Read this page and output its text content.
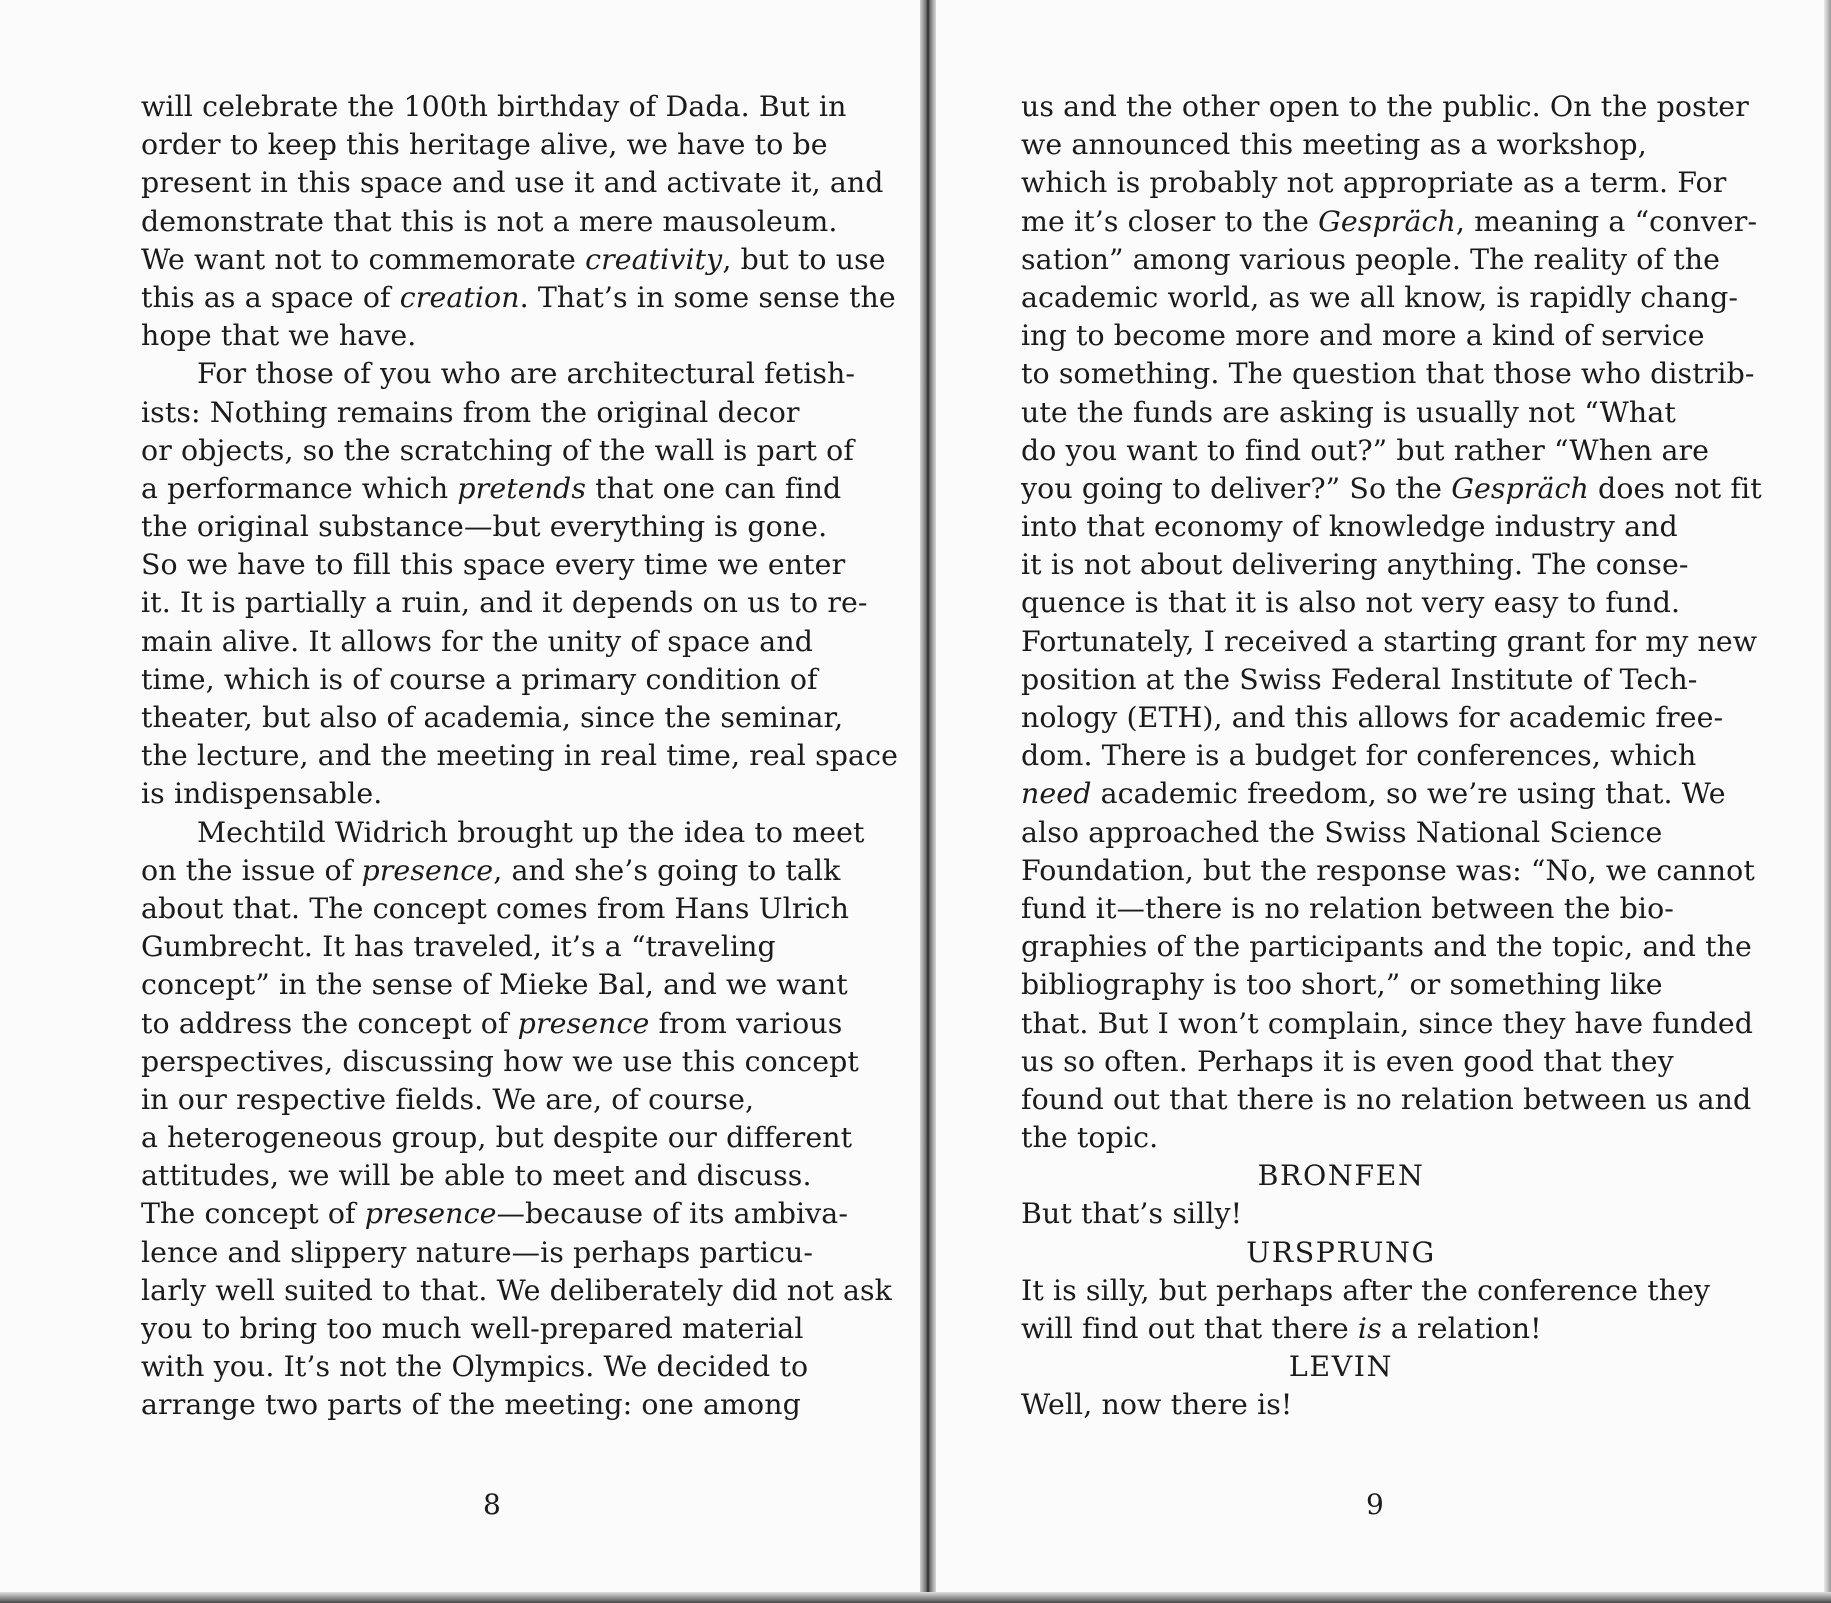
will celebrate the 100th birthday of Dada. But in
order to keep this heritage alive, we have to be
present in this space and use it and activate it, and
demonstrate that this is not a mere mausoleum.
We want not to commemorate creativity, but to use
this as a space of creation. That’s in some sense the
hope that we have.
For those of you who are architectural fetish-
ists: Nothing remains from the original decor
or objects, so the scratching of the wall is part of
a performance which pretends that one can find
the original substance—but everything is gone.
So we have to fill this space every time we enter
it. It is partially a ruin, and it depends on us to re-
main alive. It allows for the unity of space and
time, which is of course a primary condition of
theater, but also of academia, since the seminar,
the lecture, and the meeting in real time, real space
is indispensable.
Mechtild Widrich brought up the idea to meet
on the issue of presence, and she’s going to talk
about that. The concept comes from Hans Ulrich
Gumbrecht. It has traveled, it’s a “traveling
concept” in the sense of Mieke Bal, and we want
to address the concept of presence from various
perspectives, discussing how we use this concept
in our respective fields. We are, of course,
a heterogeneous group, but despite our different
attitudes, we will be able to meet and discuss.
The concept of presence—because of its ambiva-
lence and slippery nature—is perhaps particu-
larly well suited to that. We deliberately did not ask
you to bring too much well-prepared material
with you. It’s not the Olympics. We decided to
arrange two parts of the meeting: one among
8
us and the other open to the public. On the poster
we announced this meeting as a workshop,
which is probably not appropriate as a term. For
me it’s closer to the Gespräch, meaning a “conver-
sation” among various people. The reality of the
academic world, as we all know, is rapidly chang-
ing to become more and more a kind of service
to something. The question that those who distrib-
ute the funds are asking is usually not “What
do you want to find out?” but rather “When are
you going to deliver?” So the Gespräch does not fit
into that economy of knowledge industry and
it is not about delivering anything. The conse-
quence is that it is also not very easy to fund.
Fortunately, I received a starting grant for my new
position at the Swiss Federal Institute of Tech-
nology (ETH), and this allows for academic free-
dom. There is a budget for conferences, which
need academic freedom, so we’re using that. We
also approached the Swiss National Science
Foundation, but the response was: “No, we cannot
fund it—there is no relation between the bio-
graphies of the participants and the topic, and the
bibliography is too short,” or something like
that. But I won’t complain, since they have funded
us so often. Perhaps it is even good that they
found out that there is no relation between us and
the topic.
BRONFEN
But that’s silly!
URSPRUNG
It is silly, but perhaps after the conference they
will find out that there is a relation!
LEVIN
Well, now there is!
9
